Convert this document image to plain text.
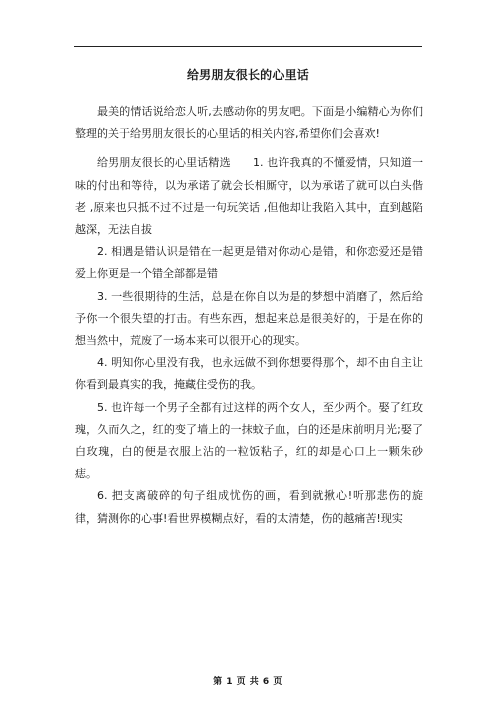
给男朋友很长的心里话

最美的情话说给恋人听,去感动你的男友吧。下面是小编精心为你们整理的关于给男朋友很长的心里话的相关内容,希望你们会喜欢!

给男朋友很长的心里话精选　　1. 也许我真的不懂爱情，只知道一味的付出和等待，以为承诺了就会长相厮守，以为承诺了就可以白头偕老 ,原来也只抵不过不过是一句玩笑话 ,但他却让我陷入其中，直到越陷越深，无法自拔

2. 相遇是错认识是错在一起更是错对你动心是错，和你恋爱还是错爱上你更是一个错全部都是错

3. 一些很期待的生活，总是在你自以为是的梦想中消磨了，然后给予你一个很失望的打击。有些东西，想起来总是很美好的，于是在你的想当然中，荒废了一场本来可以很开心的现实。

4. 明知你心里没有我，也永远做不到你想要得那个，却不由自主让你看到最真实的我，掩藏住受伤的我。

5. 也许每一个男子全都有过这样的两个女人，至少两个。娶了红玫瑰，久而久之，红的变了墙上的一抹蚊子血，白的还是床前明月光;娶了白玫瑰，白的便是衣服上沾的一粒饭粘子，红的却是心口上一颗朱砂痣。

6. 把支离破碎的句子组成忧伤的画，看到就揪心!听那悲伤的旋律，猜测你的心事!看世界模糊点好，看的太清楚，伤的越痛苦!现实

第 1 页 共 6 页
